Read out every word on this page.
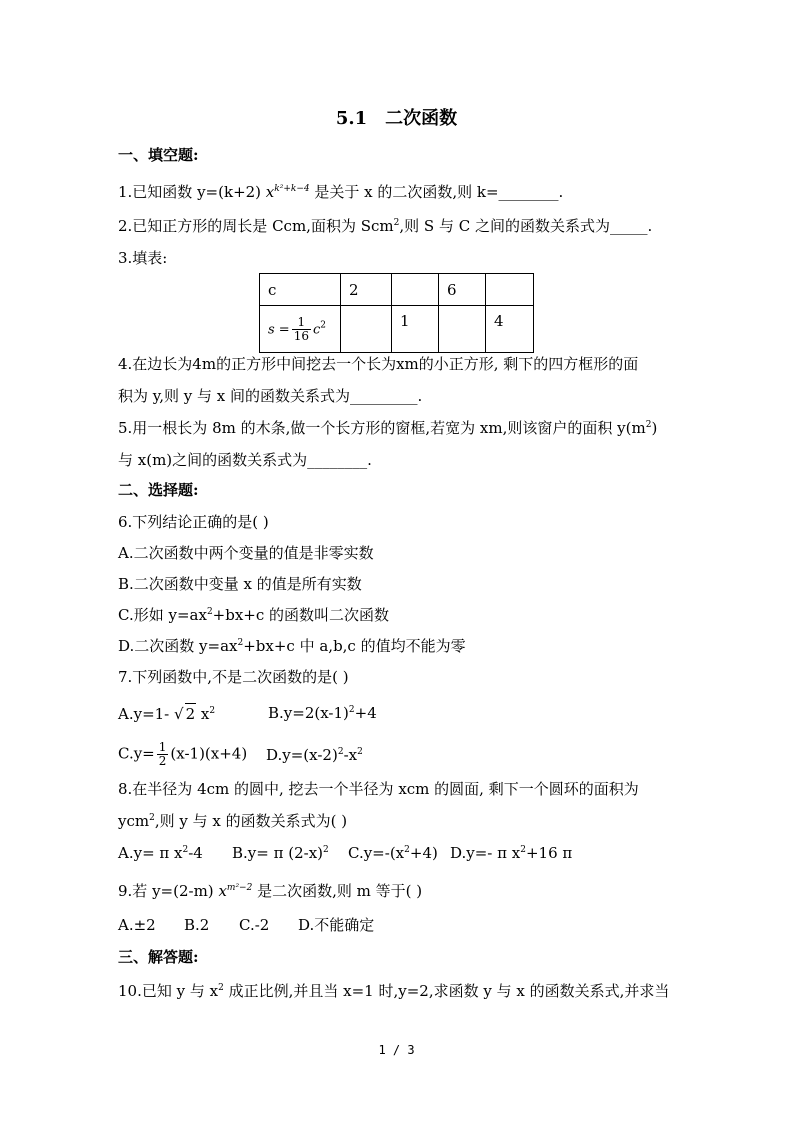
5.1　二次函数
一、填空题:
1.已知函数 y=(k+2) $x^{k^2+k-4}$ 是关于 x 的二次函数,则 k=________.
2.已知正方形的周长是 Ccm,面积为 Scm$^2$,则 S 与 C 之间的函数关系式为_____.
3.填表:
c	2		6	
$s = \frac{1}{16} c^2$		1		4
4.在边长为4m的正方形中间挖去一个长为xm的小正方形, 剩下的四方框形的面
积为 y,则 y 与 x 间的函数关系式为_________.
5.用一根长为 8m 的木条,做一个长方形的窗框,若宽为 xm,则该窗户的面积 $y(m^2)$
与 x(m)之间的函数关系式为________.
二、选择题:
6.下列结论正确的是( )
A.二次函数中两个变量的值是非零实数
B.二次函数中变量 x 的值是所有实数
C.形如 $y=ax^2+bx+c$ 的函数叫二次函数
D.二次函数 $y=ax^2+bx+c$ 中 a,b,c 的值均不能为零
7.下列函数中,不是二次函数的是( )
A.y=1- √ 2 $x^2$	$B.y=2(x-1)^2+4$
$C.y= \frac{1}{2} (x-1)(x+4)$ $D.y=(x-2)^2-x^2$
8.在半径为 4cm 的圆中, 挖去一个半径为 xcm 的圆面, 剩下一个圆环的面积为
ycm$^2$,则 y 与 x 的函数关系式为( )
A.y= π $x^2-4$ B.y= π $(2-x)^2$ $C.y=-(x^2+4)$ D.y=- π $x^2+16$ π
9.若 y=(2-m) $x^{m^2-2}$ 是二次函数,则 m 等于( )
A.±2 B.2 C.-2 D.不能确定
三、解答题:
10.已知 y 与 $x^2$ 成正比例,并且当 x=1 时,y=2,求函数 y 与 x 的函数关系式,并求当
1 / 3
